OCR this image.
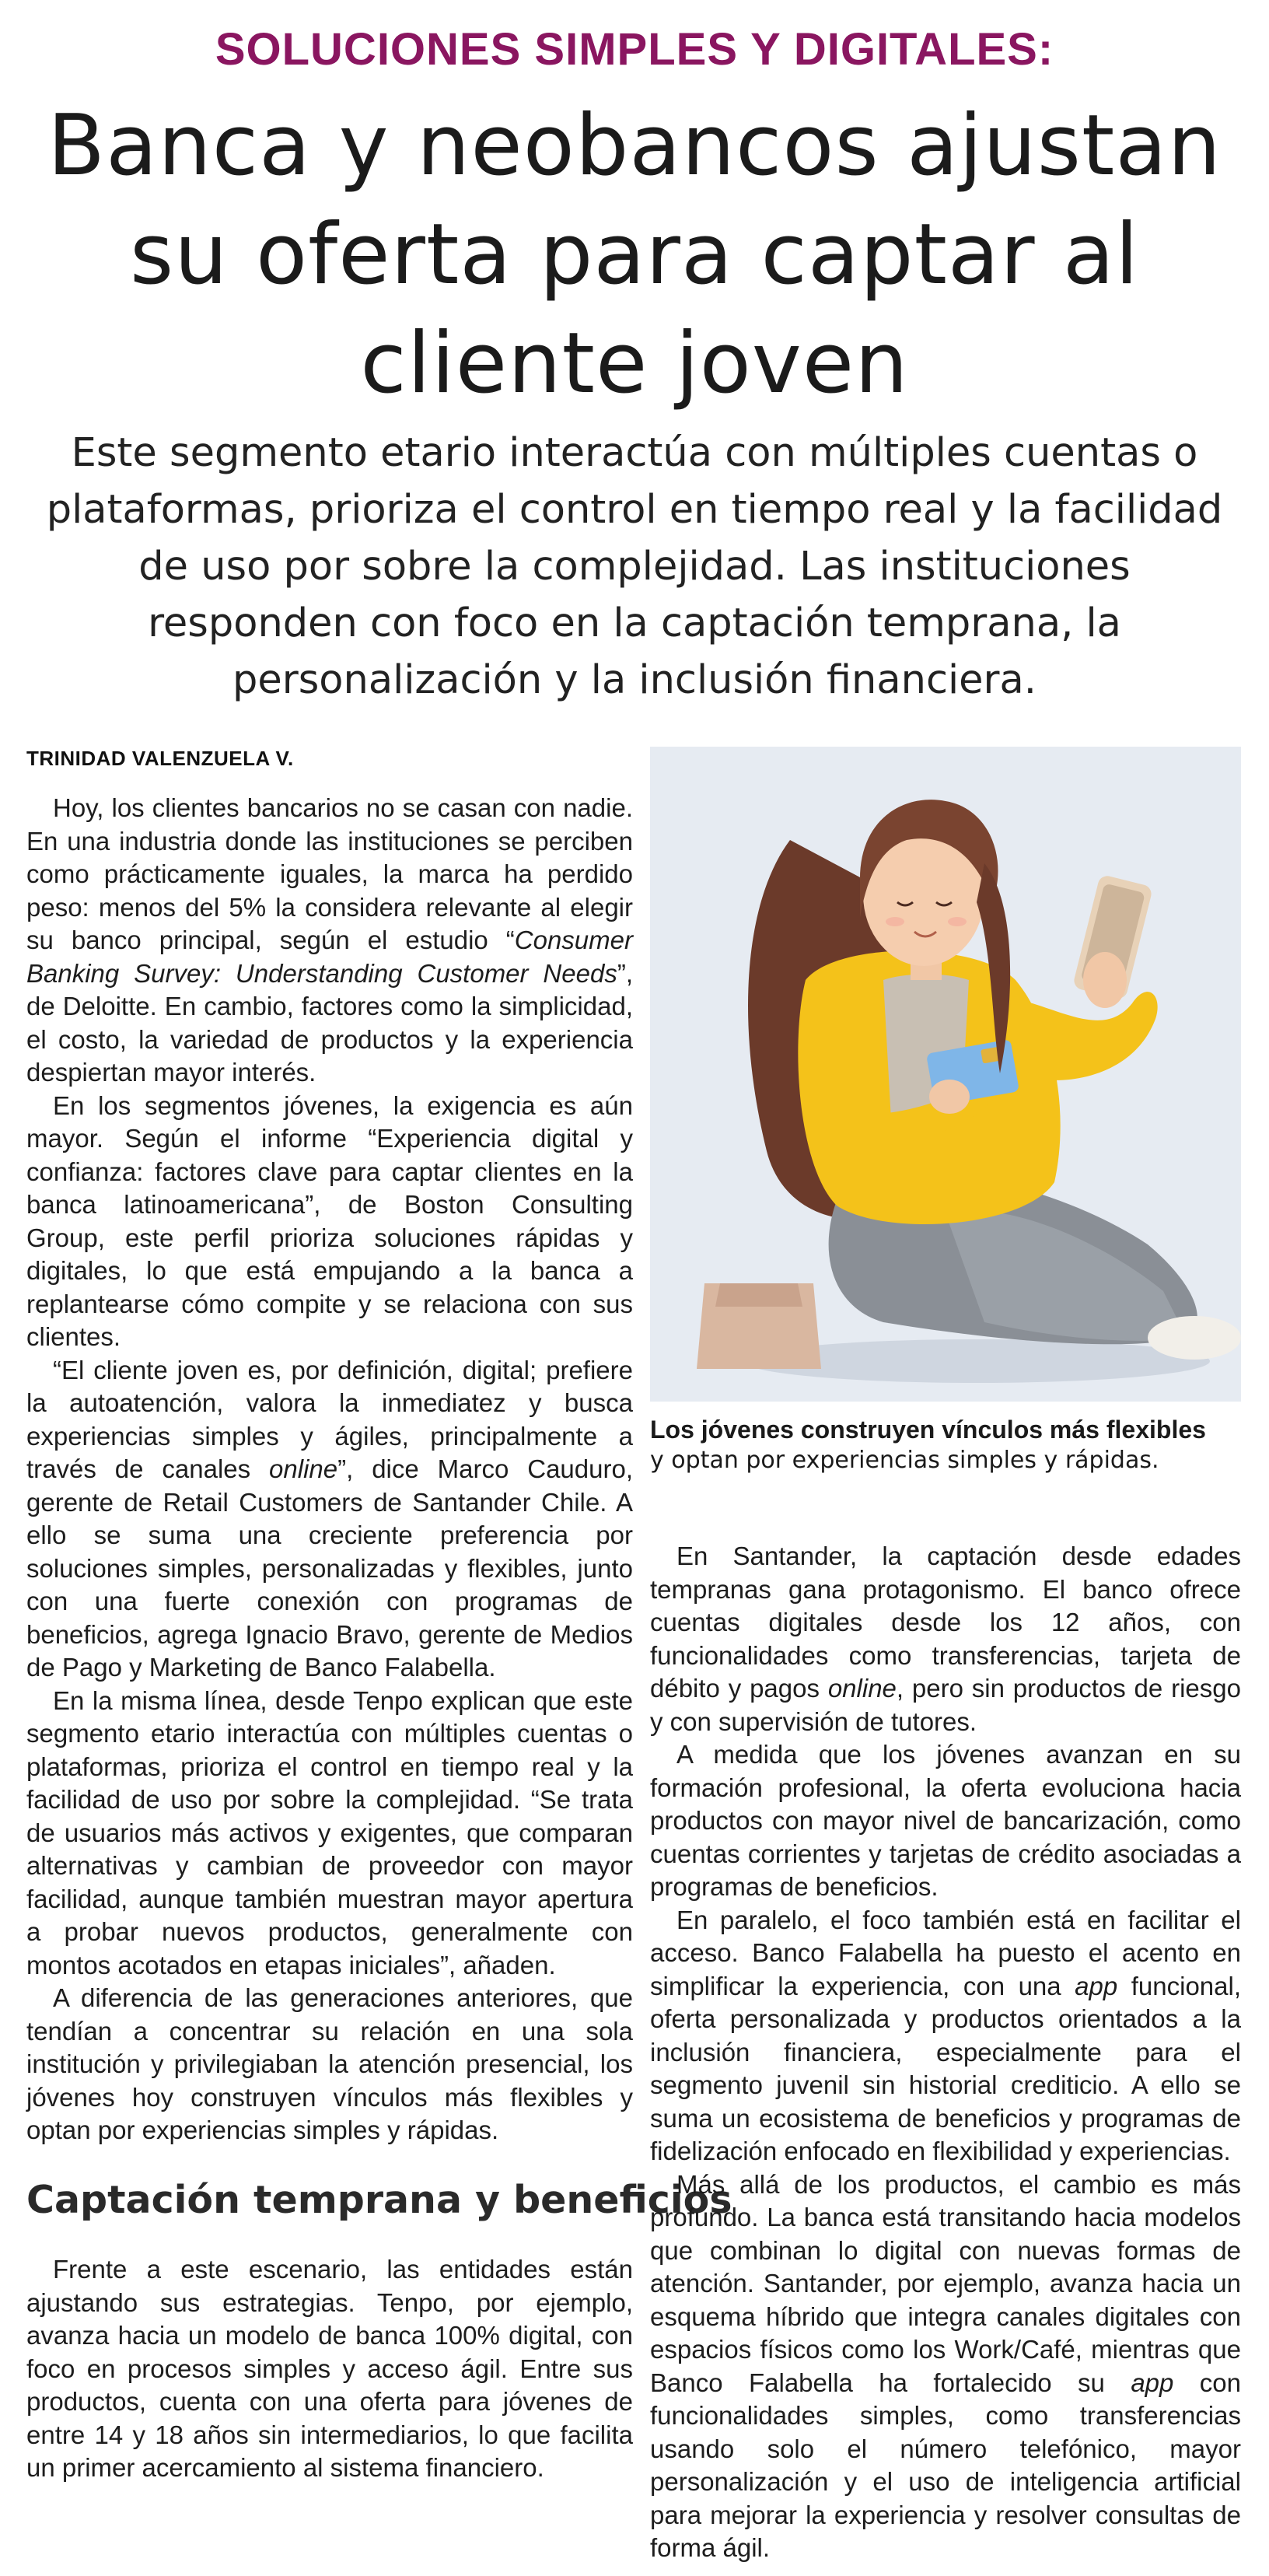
SOLUCIONES SIMPLES Y DIGITALES:
Banca y neobancos ajustan su oferta para captar al cliente joven

Este segmento etario interactúa con múltiples cuentas o plataformas, prioriza el control en tiempo real y la facilidad de uso por sobre la complejidad. Las instituciones responden con foco en la captación temprana, la personalización y la inclusión financiera.

TRINIDAD VALENZUELA V.

Hoy, los clientes bancarios no se casan con nadie. En una industria donde las instituciones se perciben como prácticamente iguales, la marca ha perdido peso: menos del 5% la considera relevante al elegir su banco principal, según el estudio “Consumer Banking Survey: Understanding Customer Needs”, de Deloitte. En cambio, factores como la simplicidad, el costo, la variedad de productos y la experiencia despiertan mayor interés.

En los segmentos jóvenes, la exigencia es aún mayor. Según el informe “Experiencia digital y confianza: factores clave para captar clientes en la banca latinoamericana”, de Boston Consulting Group, este perfil prioriza soluciones rápidas y digitales, lo que está empujando a la banca a replantearse cómo compite y se relaciona con sus clientes.

“El cliente joven es, por definición, digital; prefiere la autoatención, valora la inmediatez y busca experiencias simples y ágiles, principalmente a través de canales online”, dice Marco Cauduro, gerente de Retail Customers de Santander Chile. A ello se suma una creciente preferencia por soluciones simples, personalizadas y flexibles, junto con una fuerte conexión con programas de beneficios, agrega Ignacio Bravo, gerente de Medios de Pago y Marketing de Banco Falabella.

En la misma línea, desde Tenpo explican que este segmento etario interactúa con múltiples cuentas o plataformas, prioriza el control en tiempo real y la facilidad de uso por sobre la complejidad. “Se trata de usuarios más activos y exigentes, que comparan alternativas y cambian de proveedor con mayor facilidad, aunque también muestran mayor apertura a probar nuevos productos, generalmente con montos acotados en etapas iniciales”, añaden.

A diferencia de las generaciones anteriores, que tendían a concentrar su relación en una sola institución y privilegiaban la atención presencial, los jóvenes hoy construyen vínculos más flexibles y optan por experiencias simples y rápidas.

Captación temprana y beneficios

Frente a este escenario, las entidades están ajustando sus estrategias. Tenpo, por ejemplo, avanza hacia un modelo de banca 100% digital, con foco en procesos simples y acceso ágil. Entre sus productos, cuenta con una oferta para jóvenes de entre 14 y 18 años sin intermediarios, lo que facilita un primer acercamiento al sistema financiero.

Los jóvenes construyen vínculos más flexibles
y optan por experiencias simples y rápidas.

En Santander, la captación desde edades tempranas gana protagonismo. El banco ofrece cuentas digitales desde los 12 años, con funcionalidades como transferencias, tarjeta de débito y pagos online, pero sin productos de riesgo y con supervisión de tutores.

A medida que los jóvenes avanzan en su formación profesional, la oferta evoluciona hacia productos con mayor nivel de bancarización, como cuentas corrientes y tarjetas de crédito asociadas a programas de beneficios.

En paralelo, el foco también está en facilitar el acceso. Banco Falabella ha puesto el acento en simplificar la experiencia, con una app funcional, oferta personalizada y productos orientados a la inclusión financiera, especialmente para el segmento juvenil sin historial crediticio. A ello se suma un ecosistema de beneficios y programas de fidelización enfocado en flexibilidad y experiencias.

Más allá de los productos, el cambio es más profundo. La banca está transitando hacia modelos que combinan lo digital con nuevas formas de atención. Santander, por ejemplo, avanza hacia un esquema híbrido que integra canales digitales con espacios físicos como los Work/Café, mientras que Banco Falabella ha fortalecido su app con funcionalidades simples, como transferencias usando solo el número telefónico, mayor personalización y el uso de inteligencia artificial para mejorar la experiencia y resolver consultas de forma ágil.
